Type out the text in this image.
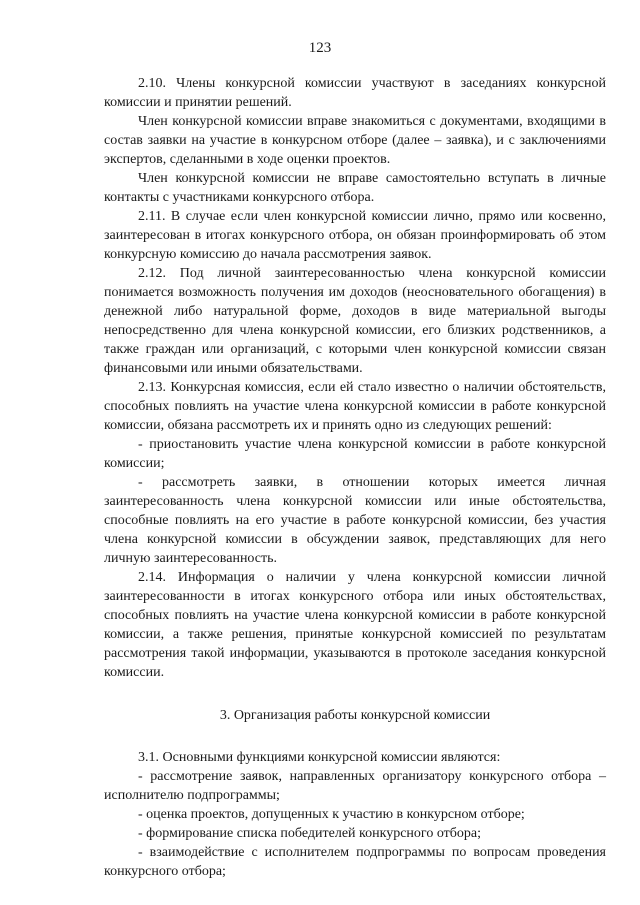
123

2.10. Члены конкурсной комиссии участвуют в заседаниях конкурсной комиссии и принятии решений.

Член конкурсной комиссии вправе знакомиться с документами, входящими в состав заявки на участие в конкурсном отборе (далее – заявка), и с заключениями экспертов, сделанными в ходе оценки проектов.

Член конкурсной комиссии не вправе самостоятельно вступать в личные контакты с участниками конкурсного отбора.

2.11. В случае если член конкурсной комиссии лично, прямо или косвенно, заинтересован в итогах конкурсного отбора, он обязан проинформировать об этом конкурсную комиссию до начала рассмотрения заявок.

2.12. Под личной заинтересованностью члена конкурсной комиссии понимается возможность получения им доходов (неосновательного обогащения) в денежной либо натуральной форме, доходов в виде материальной выгоды непосредственно для члена конкурсной комиссии, его близких родственников, а также граждан или организаций, с которыми член конкурсной комиссии связан финансовыми или иными обязательствами.

2.13. Конкурсная комиссия, если ей стало известно о наличии обстоятельств, способных повлиять на участие члена конкурсной комиссии в работе конкурсной комиссии, обязана рассмотреть их и принять одно из следующих решений:

- приостановить участие члена конкурсной комиссии в работе конкурсной комиссии;

- рассмотреть заявки, в отношении которых имеется личная заинтересованность члена конкурсной комиссии или иные обстоятельства, способные повлиять на его участие в работе конкурсной комиссии, без участия члена конкурсной комиссии в обсуждении заявок, представляющих для него личную заинтересованность.

2.14. Информация о наличии у члена конкурсной комиссии личной заинтересованности в итогах конкурсного отбора или иных обстоятельствах, способных повлиять на участие члена конкурсной комиссии в работе конкурсной комиссии, а также решения, принятые конкурсной комиссией по результатам рассмотрения такой информации, указываются в протоколе заседания конкурсной комиссии.

3. Организация работы конкурсной комиссии

3.1. Основными функциями конкурсной комиссии являются:

- рассмотрение заявок, направленных организатору конкурсного отбора – исполнителю подпрограммы;

- оценка проектов, допущенных к участию в конкурсном отборе;

- формирование списка победителей конкурсного отбора;

- взаимодействие с исполнителем подпрограммы по вопросам проведения конкурсного отбора;
